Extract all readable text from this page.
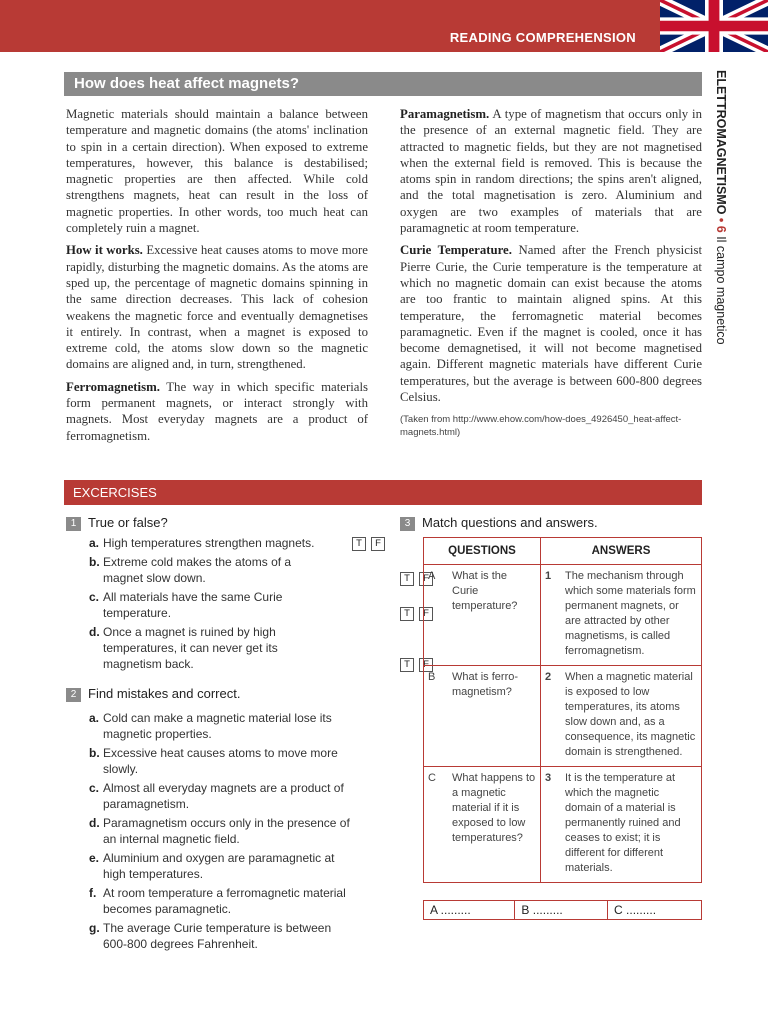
READING COMPREHENSION
ELETTROMAGNETISMO • 6 Il campo magnetico
How does heat affect magnets?

Magnetic materials should maintain a balance between temperature and magnetic domains (the atoms' inclination to spin in a certain direction). When exposed to extreme temperatures, however, this balance is destabilised; magnetic properties are then affected. While cold strengthens magnets, heat can result in the loss of magnetic properties. In other words, too much heat can completely ruin a magnet.

How it works. Excessive heat causes atoms to move more rapidly, disturbing the magnetic domains. As the atoms are sped up, the percentage of magnetic domains spinning in the same direction decreases. This lack of cohesion weakens the magnetic force and eventually demagnetises it entirely. In contrast, when a magnet is exposed to extreme cold, the atoms slow down so the magnetic domains are aligned and, in turn, strengthened.

Ferromagnetism. The way in which specific materials form permanent magnets, or interact strongly with magnets. Most everyday magnets are a product of ferromagnetism.

Paramagnetism. A type of magnetism that occurs only in the presence of an external magnetic field. They are attracted to magnetic fields, but they are not magnetised when the external field is removed. This is because the atoms spin in random directions; the spins aren't aligned, and the total magnetisation is zero. Aluminium and oxygen are two examples of materials that are paramagnetic at room temperature.

Curie Temperature. Named after the French physicist Pierre Curie, the Curie temperature is the temperature at which no magnetic domain can exist because the atoms are too frantic to maintain aligned spins. At this temperature, the ferromagnetic material becomes paramagnetic. Even if the magnet is cooled, once it has become demagnetised, it will not become magnetised again. Different magnetic materials have different Curie temperatures, but the average is between 600-800 degrees Celsius.

(Taken from http://www.ehow.com/how-does_4926450_heat-affect-magnets.html)
EXCERCISES
1 True or false?
a. High temperatures strengthen magnets.	T F
b. Extreme cold makes the atoms of a magnet slow down.	T F
c. All materials have the same Curie temperature.	T F
d. Once a magnet is ruined by high temperatures, it can never get its magnetism back.	T F
2 Find mistakes and correct.
a. Cold can make a magnetic material lose its magnetic properties.
b. Excessive heat causes atoms to move more slowly.
c. Almost all everyday magnets are a product of paramagnetism.
d. Paramagnetism occurs only in the presence of an internal magnetic field.
e. Aluminium and oxygen are paramagnetic at high temperatures.
f. At room temperature a ferromagnetic material becomes paramagnetic.
g. The average Curie temperature is between 600-800 degrees Fahrenheit.
3 Match questions and answers.
QUESTIONS		ANSWERS	
A	What is the Curie temperature?	1	The mechanism through which some materials form permanent magnets, or are attracted by other magnetisms, is called ferromagnetism.
B	What is ferro-magnetism?	2	When a magnetic material is exposed to low temperatures, its atoms slow down and, as a consequence, its magnetic domain is strengthened.
C	What happens to a magnetic material if it is exposed to low temperatures?	3	It is the temperature at which the magnetic domain of a material is permanently ruined and ceases to exist; it is different for different materials.
A .........	B .........	C .........
